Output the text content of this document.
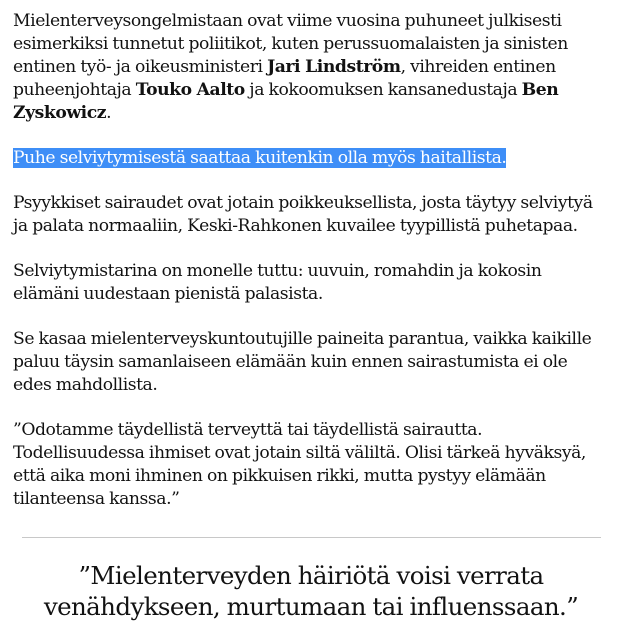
Mielenterveysongelmistaan ovat viime vuosina puhuneet julkisesti esimerkiksi tunnetut poliitikot, kuten perussuomalaisten ja sinisten entinen työ- ja oikeusministeri Jari Lindström, vihreiden entinen puheenjohtaja Touko Aalto ja kokoomuksen kansanedustaja Ben Zyskowicz.

Puhe selviytymisestä saattaa kuitenkin olla myös haitallista.

Psyykkiset sairaudet ovat jotain poikkeuksellista, josta täytyy selviytyä ja palata normaaliin, Keski-Rahkonen kuvailee tyypillistä puhetapaa.

Selviytymistarina on monelle tuttu: uuvuin, romahdin ja kokosin elämäni uudestaan pienistä palasista.

Se kasaa mielenterveyskuntoutujille paineita parantua, vaikka kaikille paluu täysin samanlaiseen elämään kuin ennen sairastumista ei ole edes mahdollista.

”Odotamme täydellistä terveyttä tai täydellistä sairautta. Todellisuudessa ihmiset ovat jotain siltä väliltä. Olisi tärkeä hyväksyä, että aika moni ihminen on pikkuisen rikki, mutta pystyy elämään tilanteensa kanssa.”

”Mielenterveyden häiriötä voisi verrata
venähdykseen, murtumaan tai influenssaan.”
